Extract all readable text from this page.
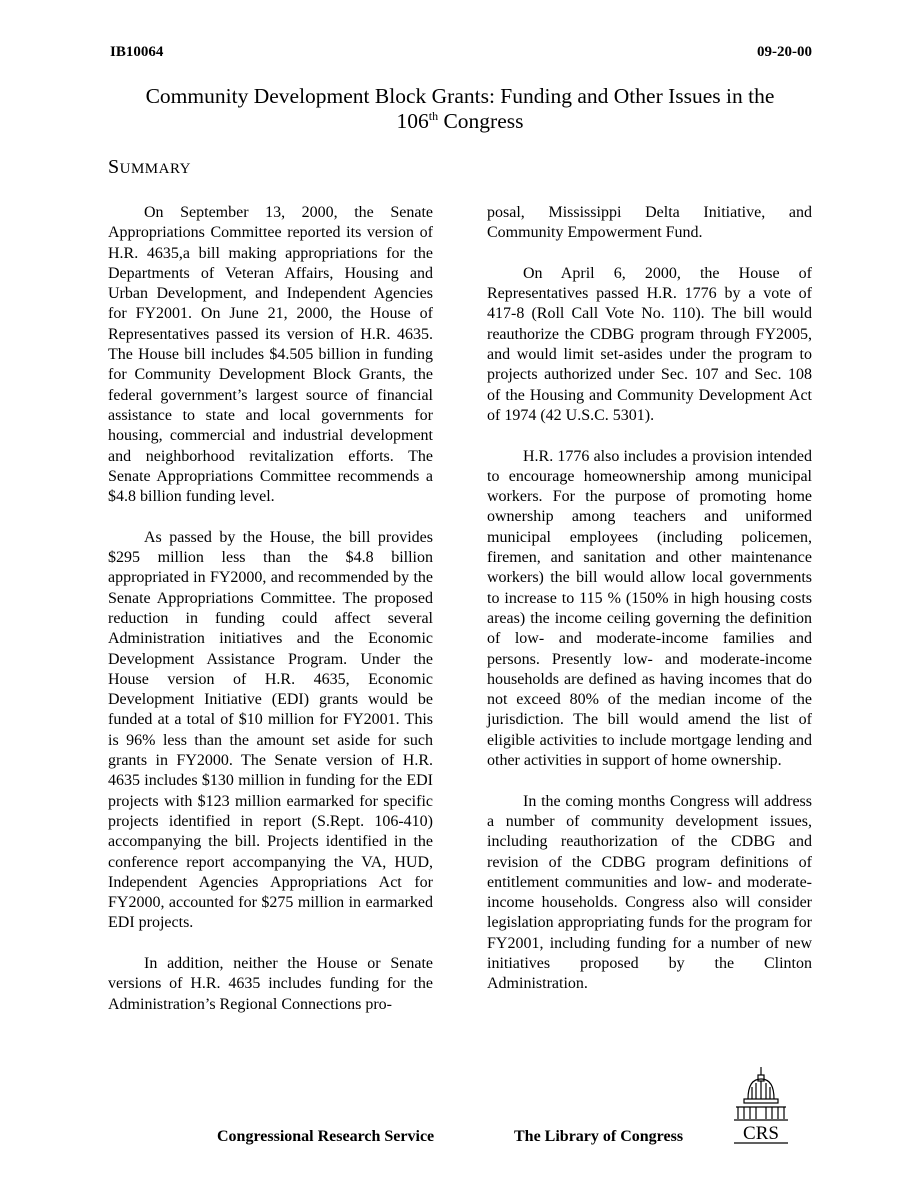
IB10064	09-20-00
Community Development Block Grants: Funding and Other Issues in the
106th Congress
SUMMARY

On September 13, 2000, the Senate Appropriations Committee reported its version of H.R. 4635,a bill making appropriations for the Departments of Veteran Affairs, Housing and Urban Development, and Independent Agencies for FY2001. On June 21, 2000, the House of Representatives passed its version of H.R. 4635. The House bill includes $4.505 billion in funding for Community Development Block Grants, the federal government’s largest source of financial assistance to state and local governments for housing, commercial and industrial development and neighborhood revitalization efforts. The Senate Appropriations Committee recommends a $4.8 billion funding level.

As passed by the House, the bill provides $295 million less than the $4.8 billion appropriated in FY2000, and recommended by the Senate Appropriations Committee. The proposed reduction in funding could affect several Administration initiatives and the Economic Development Assistance Program. Under the House version of H.R. 4635, Economic Development Initiative (EDI) grants would be funded at a total of $10 million for FY2001. This is 96% less than the amount set aside for such grants in FY2000. The Senate version of H.R. 4635 includes $130 million in funding for the EDI projects with $123 million earmarked for specific projects identified in report (S.Rept. 106-410) accompanying the bill. Projects identified in the conference report accompanying the VA, HUD, Independent Agencies Appropriations Act for FY2000, accounted for $275 million in earmarked EDI projects.

In addition, neither the House or Senate versions of H.R. 4635 includes funding for the Administration’s Regional Connections pro-

posal, Mississippi Delta Initiative, and Community Empowerment Fund.

On April 6, 2000, the House of Representatives passed H.R. 1776 by a vote of 417-8 (Roll Call Vote No. 110). The bill would reauthorize the CDBG program through FY2005, and would limit set-asides under the program to projects authorized under Sec. 107 and Sec. 108 of the Housing and Community Development Act of 1974 (42 U.S.C. 5301).

H.R. 1776 also includes a provision intended to encourage homeownership among municipal workers. For the purpose of promoting home ownership among teachers and uniformed municipal employees (including policemen, firemen, and sanitation and other maintenance workers) the bill would allow local governments to increase to 115 % (150% in high housing costs areas) the income ceiling governing the definition of low- and moderate-income families and persons. Presently low- and moderate-income households are defined as having incomes that do not exceed 80% of the median income of the jurisdiction. The bill would amend the list of eligible activities to include mortgage lending and other activities in support of home ownership.

In the coming months Congress will address a number of community development issues, including reauthorization of the CDBG and revision of the CDBG program definitions of entitlement communities and low- and moderate-income households. Congress also will consider legislation appropriating funds for the program for FY2001, including funding for a number of new initiatives proposed by the Clinton Administration.

Congressional Research Service	The Library of Congress	CRS
